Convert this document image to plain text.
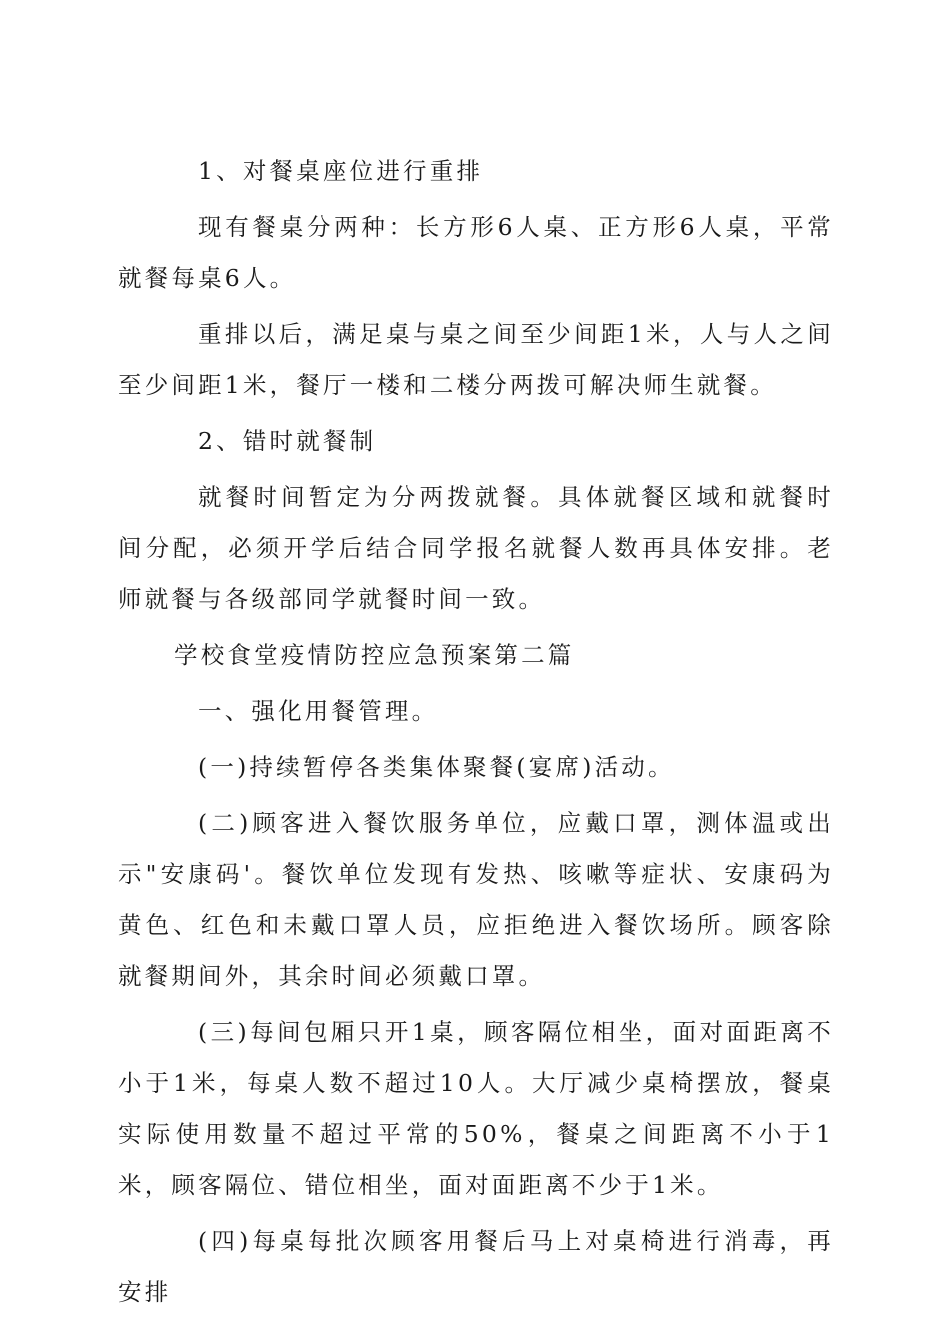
1、对餐桌座位进行重排

现有餐桌分两种：长方形6人桌、正方形6人桌，平常就餐每桌6人。

重排以后，满足桌与桌之间至少间距1米，人与人之间至少间距1米，餐厅一楼和二楼分两拨可解决师生就餐。

2、错时就餐制

就餐时间暂定为分两拨就餐。具体就餐区域和就餐时间分配，必须开学后结合同学报名就餐人数再具体安排。老师就餐与各级部同学就餐时间一致。

学校食堂疫情防控应急预案第二篇

一、强化用餐管理。

(一)持续暂停各类集体聚餐(宴席)活动。

(二)顾客进入餐饮服务单位，应戴口罩，测体温或出示"安康码'。餐饮单位发现有发热、咳嗽等症状、安康码为黄色、红色和未戴口罩人员，应拒绝进入餐饮场所。顾客除就餐期间外，其余时间必须戴口罩。

(三)每间包厢只开1桌，顾客隔位相坐，面对面距离不小于1米，每桌人数不超过10人。大厅减少桌椅摆放，餐桌实际使用数量不超过平常的50%，餐桌之间距离不小于1米，顾客隔位、错位相坐，面对面距离不少于1米。

(四)每桌每批次顾客用餐后马上对桌椅进行消毒，再安排
